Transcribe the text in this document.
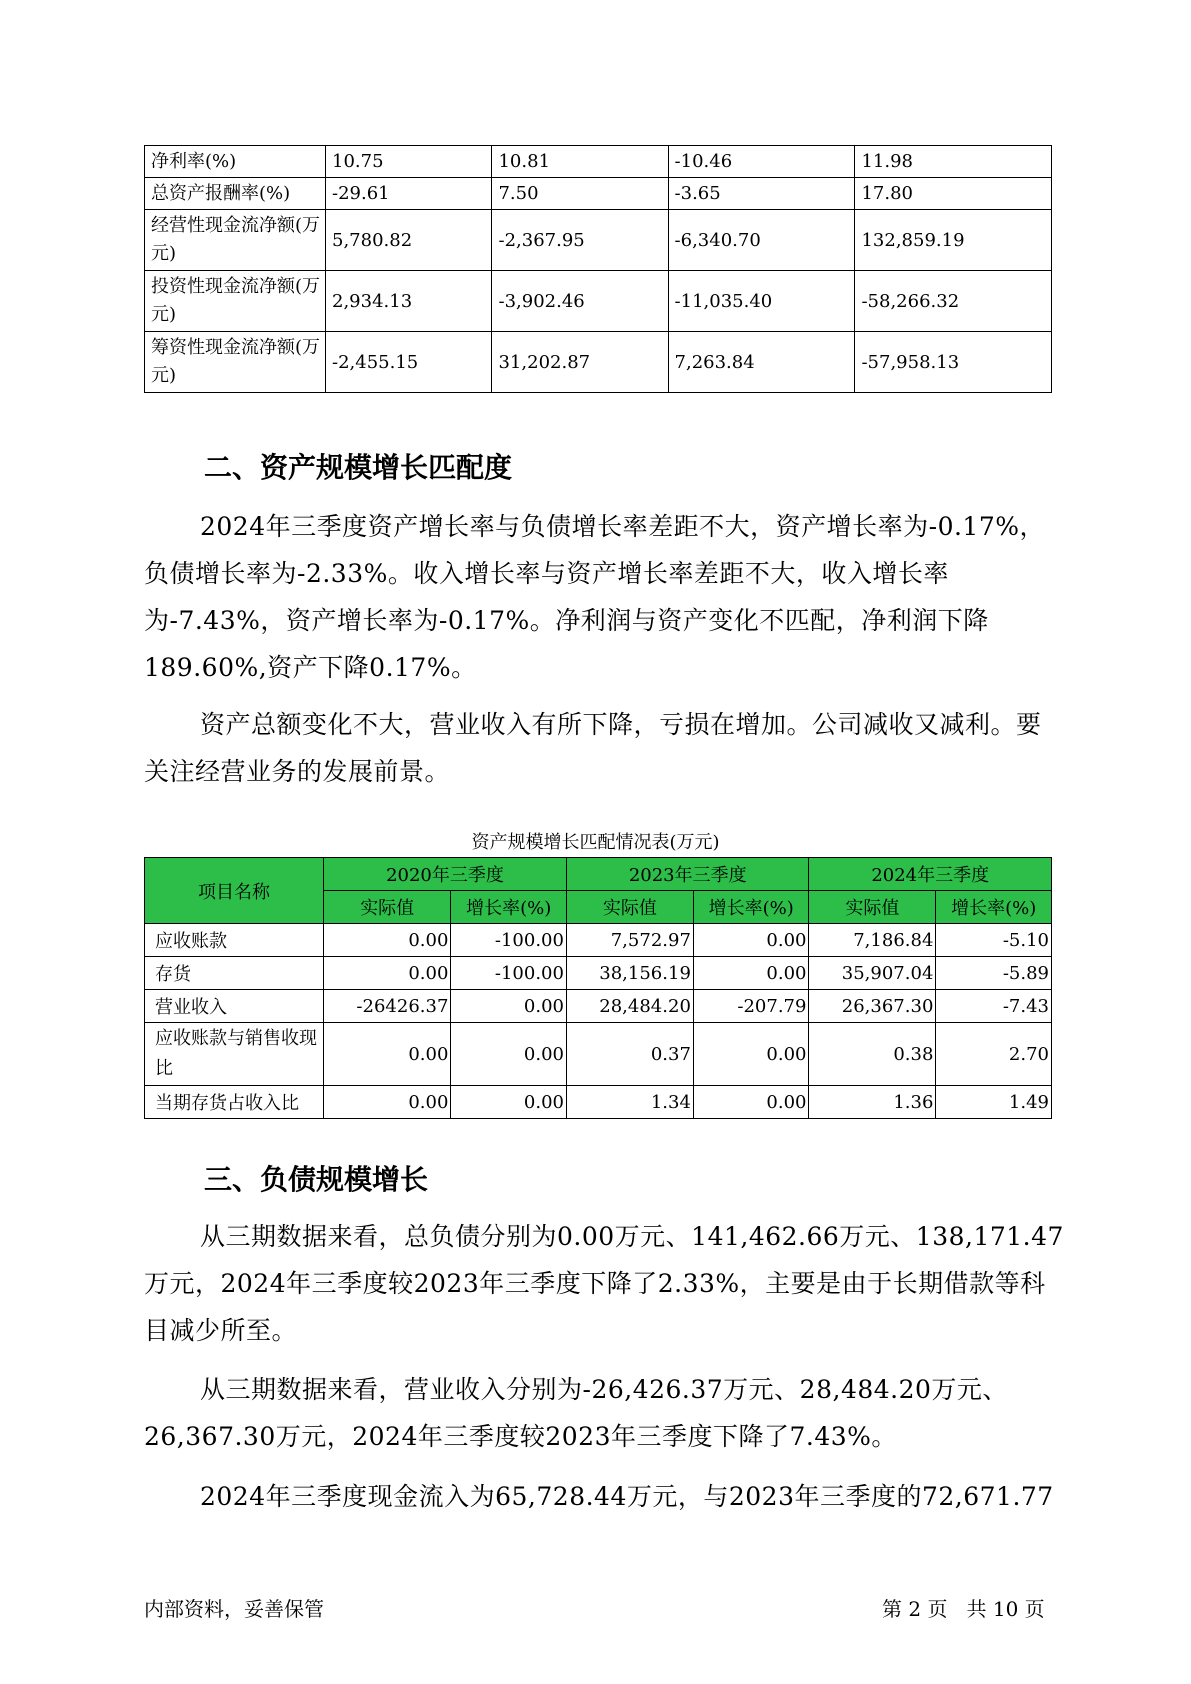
净利率(%)	10.75	10.81	-10.46	11.98
总资产报酬率(%)	-29.61	7.50	-3.65	17.80
经营性现金流净额(万元)	5,780.82	-2,367.95	-6,340.70	132,859.19
投资性现金流净额(万元)	2,934.13	-3,902.46	-11,035.40	-58,266.32
筹资性现金流净额(万元)	-2,455.15	31,202.87	7,263.84	-57,958.13
二、资产规模增长匹配度

2024年三季度资产增长率与负债增长率差距不大，资产增长率为-0.17%，负债增长率为-2.33%。收入增长率与资产增长率差距不大，收入增长率为-7.43%，资产增长率为-0.17%。净利润与资产变化不匹配，净利润下降189.60%,资产下降0.17%。

资产总额变化不大，营业收入有所下降，亏损在增加。公司减收又减利。要关注经营业务的发展前景。

资产规模增长匹配情况表(万元)
项目名称	2020年三季度		2023年三季度		2024年三季度	
	实际值	增长率(%)	实际值	增长率(%)	实际值	增长率(%)
应收账款	0.00	-100.00	7,572.97	0.00	7,186.84	-5.10
存货	0.00	-100.00	38,156.19	0.00	35,907.04	-5.89
营业收入	-26426.37	0.00	28,484.20	-207.79	26,367.30	-7.43
应收账款与销售收现比	0.00	0.00	0.37	0.00	0.38	2.70
当期存货占收入比	0.00	0.00	1.34	0.00	1.36	1.49
三、负债规模增长

从三期数据来看，总负债分别为0.00万元、141,462.66万元、138,171.47万元，2024年三季度较2023年三季度下降了2.33%，主要是由于长期借款等科目减少所至。

从三期数据来看，营业收入分别为-26,426.37万元、28,484.20万元、26,367.30万元，2024年三季度较2023年三季度下降了7.43%。

2024年三季度现金流入为65,728.44万元，与2023年三季度的72,671.77

内部资料，妥善保管	第 2 页   共 10 页
